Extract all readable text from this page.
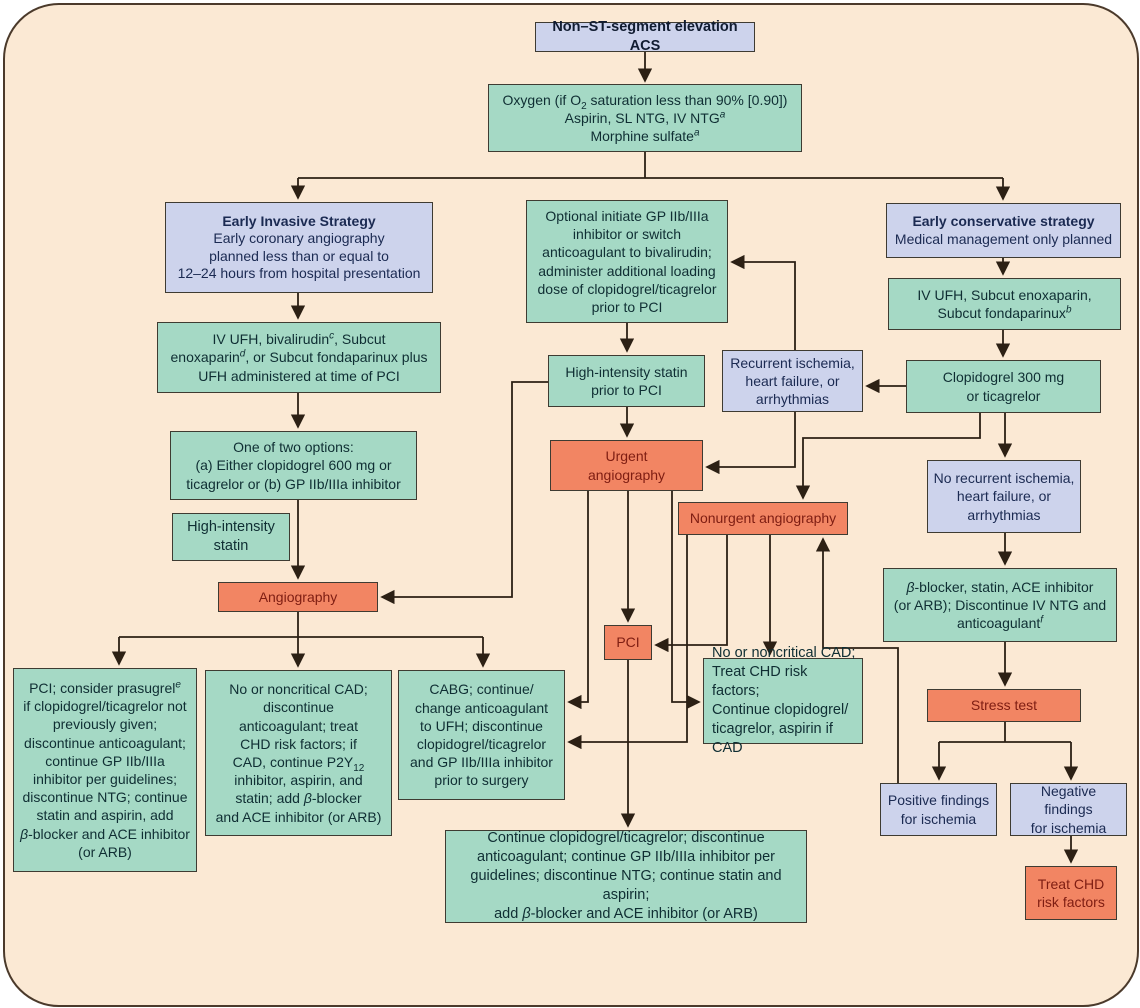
Non–ST-segment elevation ACS
Oxygen (if $O_2$ saturation less than 90% [0.90])
Aspirin, SL NTG, IV NTG$^a$
Morphine sulfate$^a$
Early Invasive Strategy
Early coronary angiography
planned less than or equal to
12–24 hours from hospital presentation
IV UFH, bivalirudin$^c$, Subcut
enoxaparin$^d$, or Subcut fondaparinux plus
UFH administered at time of PCI
One of two options:
(a) Either clopidogrel 600 mg or
ticagrelor or (b) GP IIb/IIIa inhibitor
High-intensity
statin
Angiography
Optional initiate GP IIb/IIIa
inhibitor or switch
anticoagulant to bivalirudin;
administer additional loading
dose of clopidogrel/ticagrelor
prior to PCI
High-intensity statin
prior to PCI
Urgent
angiography
Nonurgent angiography
PCI
Recurrent ischemia,
heart failure, or
arrhythmias
Early conservative strategy
Medical management only planned
IV UFH, Subcut enoxaparin,
Subcut fondaparinux$^b$
Clopidogrel 300 mg
or ticagrelor
No recurrent ischemia,
heart failure, or
arrhythmias
β-blocker, statin, ACE inhibitor
(or ARB); Discontinue IV NTG and
anticoagulant$^f$
Stress test
Positive findings
for ischemia
Negative findings
for ischemia
Treat CHD
risk factors
PCI; consider prasugrel$^e$
if clopidogrel/ticagrelor not
previously given;
discontinue anticoagulant;
continue GP IIb/IIIa
inhibitor per guidelines;
discontinue NTG; continue
statin and aspirin, add
β-blocker and ACE inhibitor
(or ARB)
No or noncritical CAD;
discontinue
anticoagulant; treat
CHD risk factors; if
CAD, continue $P2Y_{12}$
inhibitor, aspirin, and
statin; add β-blocker
and ACE inhibitor (or ARB)
CABG; continue/
change anticoagulant
to UFH; discontinue
clopidogrel/ticagrelor
and GP IIb/IIIa inhibitor
prior to surgery
No or noncritical CAD;
Treat CHD risk factors;
Continue clopidogrel/
ticagrelor, aspirin if CAD
Continue clopidogrel/ticagrelor; discontinue
anticoagulant; continue GP IIb/IIIa inhibitor per
guidelines; discontinue NTG; continue statin and aspirin;
add β-blocker and ACE inhibitor (or ARB)
